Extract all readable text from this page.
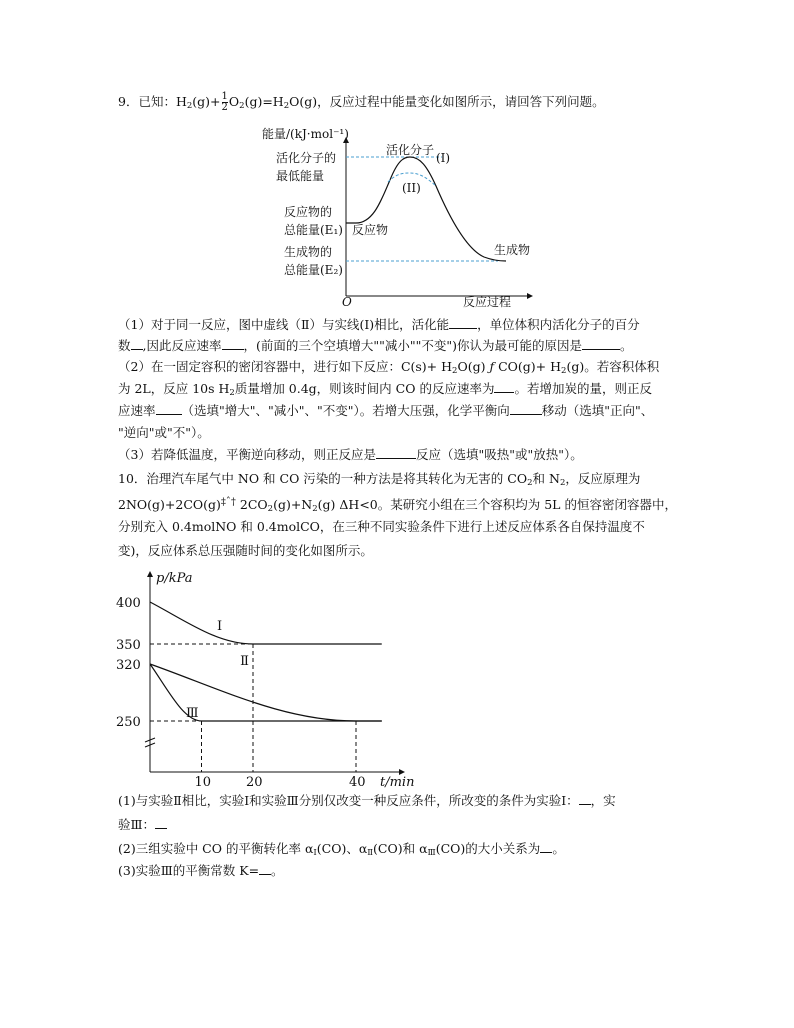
9．已知：$H_2(g)+ \frac{1}{2} O_2(g)=H_2O(g)$，反应过程中能量变化如图所示，请回答下列问题。
能量/(kJ·mol⁻¹)
O	反应过程
活化分子的
最低能量
反应物的
总能量(E₁)
生成物的
总能量(E₂)
活化分子
(I)
(II)
反应物
生成物
（1）对于同一反应，图中虚线（Ⅱ）与实线(Ⅰ)相比，活化能 ，单位体积内活化分子的百分
数 ,因此反应速率 ，(前面的三个空填增大""减小""不变")你认为最可能的原因是	。
（2）在一固定容积的密闭容器中，进行如下反应：$C(s)+ H_2O(g)$ ƒ $CO(g)+ H_2(g)$。若容积体积
为 2L，反应 10s $H_2$质量增加 0.4g，则该时间内 CO 的反应速率为 。若增加炭的量，则正反
应速率 （选填"增大"、"减小"、"不变"）。若增大压强，化学平衡向	移动（选填"正向"、
"逆向"或"不"）。
（3）若降低温度，平衡逆向移动，则正反应是	反应（选填"吸热"或"放热"）。
10．治理汽车尾气中 NO 和 CO 污染的一种方法是将其转化为无害的 $CO_2$和 $N_2$，反应原理为
$2NO(g)+2CO(g)^{\ddagger ˆ\dagger}$ $2CO_2(g)+N_2(g)$ ΔH<0。某研究小组在三个容积均为 5L 的恒容密闭容器中，
分别充入 0.4molNO 和 0.4molCO，在三种不同实验条件下进行上述反应体系各自保持温度不
变)，反应体系总压强随时间的变化如图所示。
p/kPa
t/min
400
350
320
250
10	20	40
Ⅰ
Ⅱ
Ⅲ
(1)与实验Ⅱ相比，实验Ⅰ和实验Ⅲ分别仅改变一种反应条件，所改变的条件为实验Ⅰ： ，实
验Ⅲ：
(2)三组实验中 CO 的平衡转化率 $\alpha_Ⅰ(CO)$、$\alpha_Ⅱ(CO)$和 $\alpha_Ⅲ(CO)$的大小关系为 。
(3)实验Ⅲ的平衡常数 K= 。
